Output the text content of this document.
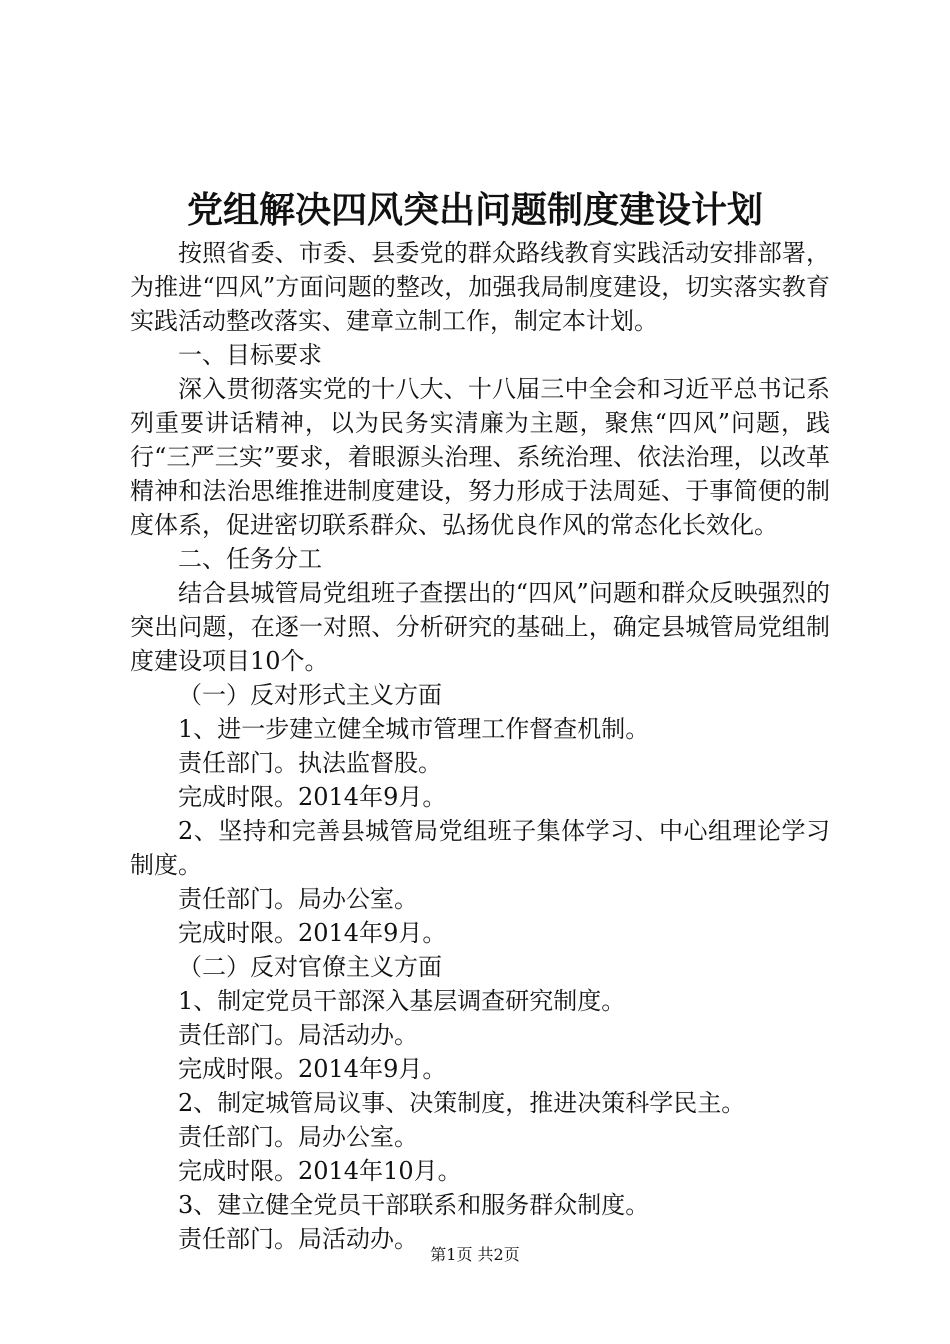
党组解决四风突出问题制度建设计划

按照省委、市委、县委党的群众路线教育实践活动安排部署，为推进“四风”方面问题的整改，加强我局制度建设，切实落实教育实践活动整改落实、建章立制工作，制定本计划。

一、目标要求

深入贯彻落实党的十八大、十八届三中全会和习近平总书记系列重要讲话精神，以为民务实清廉为主题，聚焦“四风”问题，践行“三严三实”要求，着眼源头治理、系统治理、依法治理，以改革精神和法治思维推进制度建设，努力形成于法周延、于事简便的制度体系，促进密切联系群众、弘扬优良作风的常态化长效化。

二、任务分工

结合县城管局党组班子查摆出的“四风”问题和群众反映强烈的突出问题，在逐一对照、分析研究的基础上，确定县城管局党组制度建设项目10个。

（一）反对形式主义方面

1、进一步建立健全城市管理工作督查机制。

责任部门。执法监督股。

完成时限。2014年9月。

2、坚持和完善县城管局党组班子集体学习、中心组理论学习制度。

责任部门。局办公室。

完成时限。2014年9月。

（二）反对官僚主义方面

1、制定党员干部深入基层调查研究制度。

责任部门。局活动办。

完成时限。2014年9月。

2、制定城管局议事、决策制度，推进决策科学民主。

责任部门。局办公室。

完成时限。2014年10月。

3、建立健全党员干部联系和服务群众制度。

责任部门。局活动办。

第1页 共2页
